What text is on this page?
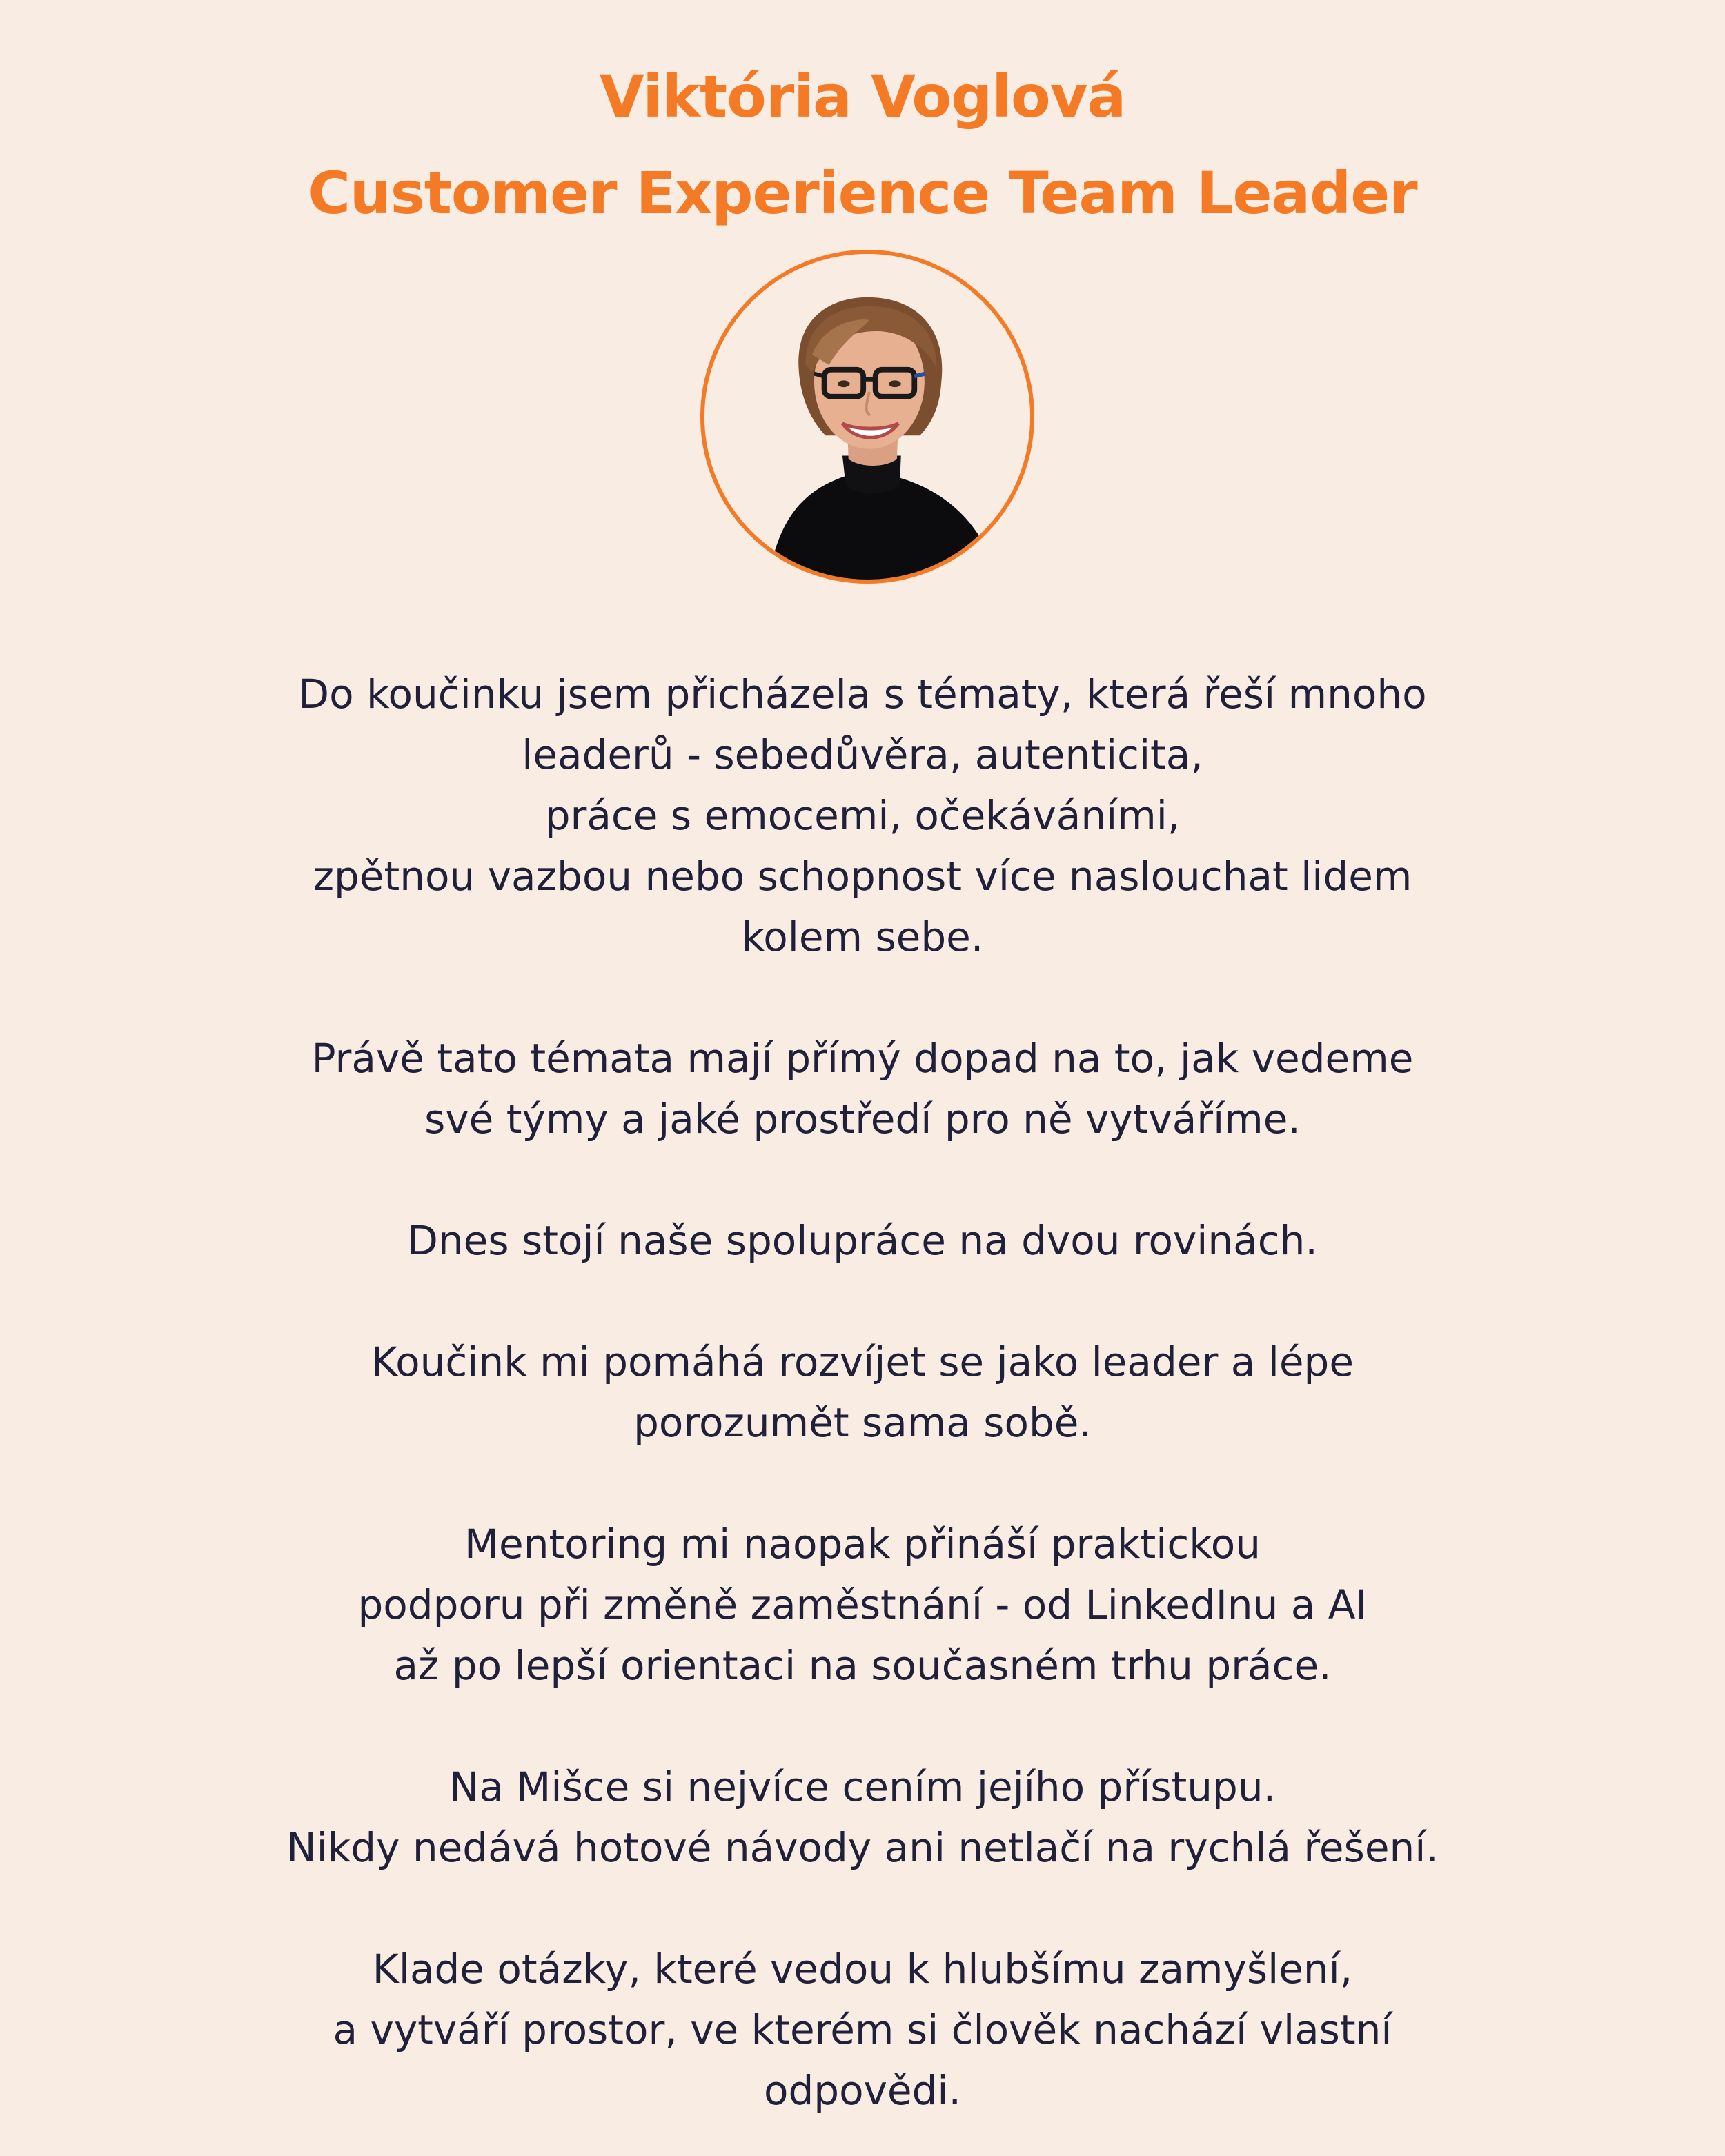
Viktória Voglová
Customer Experience Team Leader
Do koučinku jsem přicházela s tématy, která řeší mnoho
leaderů - sebedůvěra, autenticita,
práce s emocemi, očekáváními,
zpětnou vazbou nebo schopnost více naslouchat lidem
kolem sebe.
Právě tato témata mají přímý dopad na to, jak vedeme
své týmy a jaké prostředí pro ně vytváříme.
Dnes stojí naše spolupráce na dvou rovinách.
Koučink mi pomáhá rozvíjet se jako leader a lépe
porozumět sama sobě.
Mentoring mi naopak přináší praktickou
podporu při změně zaměstnání - od LinkedInu a AI
až po lepší orientaci na současném trhu práce.
Na Mišce si nejvíce cením jejího přístupu.
Nikdy nedává hotové návody ani netlačí na rychlá řešení.
Klade otázky, které vedou k hlubšímu zamyšlení,
a vytváří prostor, ve kterém si člověk nachází vlastní
odpovědi.
